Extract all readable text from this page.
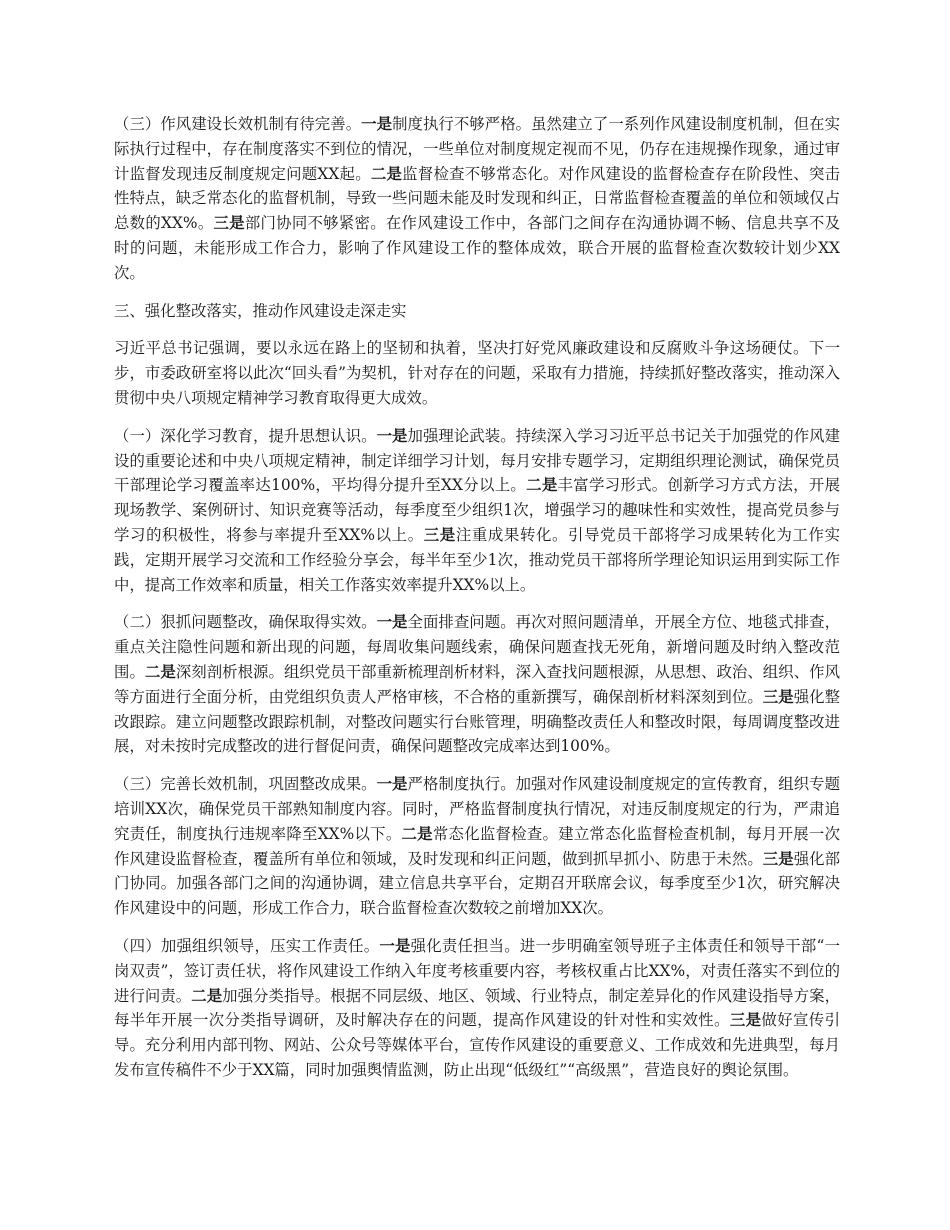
（三）作风建设长效机制有待完善。一是制度执行不够严格。虽然建立了一系列作风建设制度机制，但在实际执行过程中，存在制度落实不到位的情况，一些单位对制度规定视而不见，仍存在违规操作现象，通过审计监督发现违反制度规定问题XX起。二是监督检查不够常态化。对作风建设的监督检查存在阶段性、突击性特点，缺乏常态化的监督机制，导致一些问题未能及时发现和纠正，日常监督检查覆盖的单位和领域仅占总数的XX%。三是部门协同不够紧密。在作风建设工作中，各部门之间存在沟通协调不畅、信息共享不及时的问题，未能形成工作合力，影响了作风建设工作的整体成效，联合开展的监督检查次数较计划少XX次。

三、强化整改落实，推动作风建设走深走实

习近平总书记强调，要以永远在路上的坚韧和执着，坚决打好党风廉政建设和反腐败斗争这场硬仗。下一步，市委政研室将以此次“回头看”为契机，针对存在的问题，采取有力措施，持续抓好整改落实，推动深入贯彻中央八项规定精神学习教育取得更大成效。

（一）深化学习教育，提升思想认识。一是加强理论武装。持续深入学习习近平总书记关于加强党的作风建设的重要论述和中央八项规定精神，制定详细学习计划，每月安排专题学习，定期组织理论测试，确保党员干部理论学习覆盖率达100%，平均得分提升至XX分以上。二是丰富学习形式。创新学习方式方法，开展现场教学、案例研讨、知识竞赛等活动，每季度至少组织1次，增强学习的趣味性和实效性，提高党员参与学习的积极性，将参与率提升至XX%以上。三是注重成果转化。引导党员干部将学习成果转化为工作实践，定期开展学习交流和工作经验分享会，每半年至少1次，推动党员干部将所学理论知识运用到实际工作中，提高工作效率和质量，相关工作落实效率提升XX%以上。

（二）狠抓问题整改，确保取得实效。一是全面排查问题。再次对照问题清单，开展全方位、地毯式排查，重点关注隐性问题和新出现的问题，每周收集问题线索，确保问题查找无死角，新增问题及时纳入整改范围。二是深刻剖析根源。组织党员干部重新梳理剖析材料，深入查找问题根源，从思想、政治、组织、作风等方面进行全面分析，由党组织负责人严格审核，不合格的重新撰写，确保剖析材料深刻到位。三是强化整改跟踪。建立问题整改跟踪机制，对整改问题实行台账管理，明确整改责任人和整改时限，每周调度整改进展，对未按时完成整改的进行督促问责，确保问题整改完成率达到100%。

（三）完善长效机制，巩固整改成果。一是严格制度执行。加强对作风建设制度规定的宣传教育，组织专题培训XX次，确保党员干部熟知制度内容。同时，严格监督制度执行情况，对违反制度规定的行为，严肃追究责任，制度执行违规率降至XX%以下。二是常态化监督检查。建立常态化监督检查机制，每月开展一次作风建设监督检查，覆盖所有单位和领域，及时发现和纠正问题，做到抓早抓小、防患于未然。三是强化部门协同。加强各部门之间的沟通协调，建立信息共享平台，定期召开联席会议，每季度至少1次，研究解决作风建设中的问题，形成工作合力，联合监督检查次数较之前增加XX次。

（四）加强组织领导，压实工作责任。一是强化责任担当。进一步明确室领导班子主体责任和领导干部“一岗双责”，签订责任状，将作风建设工作纳入年度考核重要内容，考核权重占比XX%，对责任落实不到位的进行问责。二是加强分类指导。根据不同层级、地区、领域、行业特点，制定差异化的作风建设指导方案，每半年开展一次分类指导调研，及时解决存在的问题，提高作风建设的针对性和实效性。三是做好宣传引导。充分利用内部刊物、网站、公众号等媒体平台，宣传作风建设的重要意义、工作成效和先进典型，每月发布宣传稿件不少于XX篇，同时加强舆情监测，防止出现“低级红”“高级黑”，营造良好的舆论氛围。
